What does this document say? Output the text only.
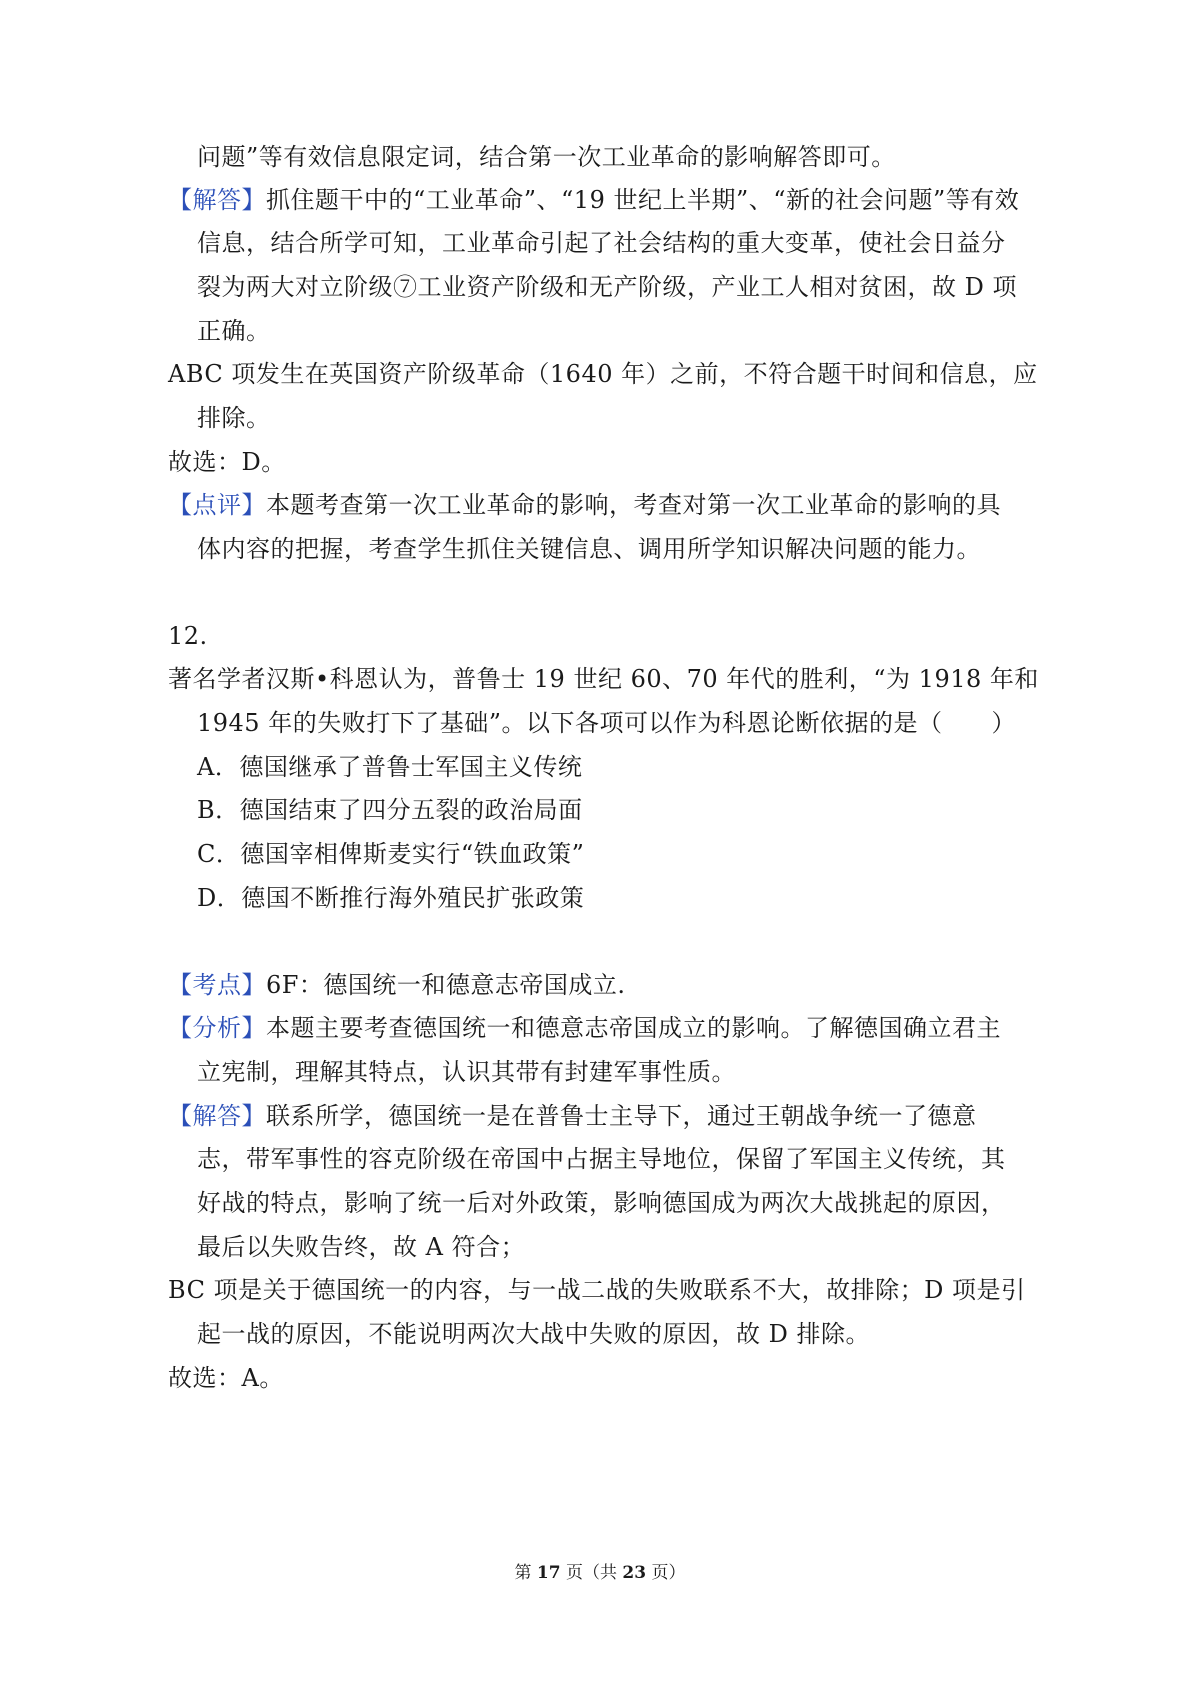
问题”等有效信息限定词，结合第一次工业革命的影响解答即可。
【解答】抓住题干中的“工业革命”、“19 世纪上半期”、“新的社会问题”等有效
信息，结合所学可知，工业革命引起了社会结构的重大变革，使社会日益分
裂为两大对立阶级⑦工业资产阶级和无产阶级，产业工人相对贫困，故 D 项
正确。
ABC 项发生在英国资产阶级革命（1640 年）之前，不符合题干时间和信息，应
排除。
故选：D。
【点评】本题考查第一次工业革命的影响，考查对第一次工业革命的影响的具
体内容的把握，考查学生抓住关键信息、调用所学知识解决问题的能力。
12.
著名学者汉斯•科恩认为，普鲁士 19 世纪 60、70 年代的胜利，“为 1918 年和
1945 年的失败打下了基础”。以下各项可以作为科恩论断依据的是（　　）
A．德国继承了普鲁士军国主义传统
B．德国结束了四分五裂的政治局面
C．德国宰相俾斯麦实行“铁血政策”
D．德国不断推行海外殖民扩张政策
【考点】6F：德国统一和德意志帝国成立.
【分析】本题主要考查德国统一和德意志帝国成立的影响。了解德国确立君主
立宪制，理解其特点，认识其带有封建军事性质。
【解答】联系所学，德国统一是在普鲁士主导下，通过王朝战争统一了德意
志，带军事性的容克阶级在帝国中占据主导地位，保留了军国主义传统，其
好战的特点，影响了统一后对外政策，影响德国成为两次大战挑起的原因，
最后以失败告终，故 A 符合；
BC 项是关于德国统一的内容，与一战二战的失败联系不大，故排除；D 项是引
起一战的原因，不能说明两次大战中失败的原因，故 D 排除。
故选：A。
第 17 页（共 23 页）
